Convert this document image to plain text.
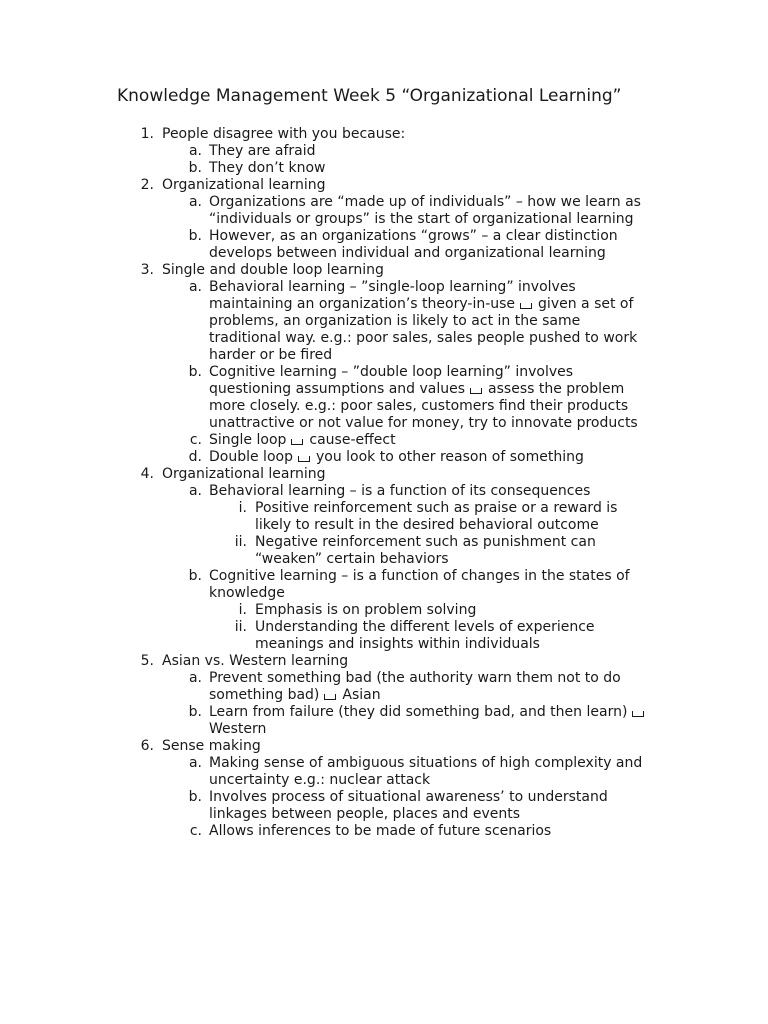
Knowledge Management Week 5 “Organizational Learning”
1. People disagree with you because:
a. They are afraid
b. They don’t know
2. Organizational learning
a. Organizations are “made up of individuals” – how we learn as “individuals or groups” is the start of organizational learning
b. However, as an organizations “grows” – a clear distinction develops between individual and organizational learning
3. Single and double loop learning
a. Behavioral learning – ”single-loop learning” involves maintaining an organization’s theory-in-use given a set of problems, an organization is likely to act in the same traditional way. e.g.: poor sales, sales people pushed to work harder or be fired
b. Cognitive learning – ”double loop learning” involves questioning assumptions and values assess the problem more closely. e.g.: poor sales, customers find their products unattractive or not value for money, try to innovate products
c. Single loop cause-effect
d. Double loop you look to other reason of something
4. Organizational learning
a. Behavioral learning – is a function of its consequences
i. Positive reinforcement such as praise or a reward is likely to result in the desired behavioral outcome
ii. Negative reinforcement such as punishment can “weaken” certain behaviors
b. Cognitive learning – is a function of changes in the states of knowledge
i. Emphasis is on problem solving
ii. Understanding the different levels of experience meanings and insights within individuals
5. Asian vs. Western learning
a. Prevent something bad (the authority warn them not to do something bad) Asian
b. Learn from failure (they did something bad, and then learn)Western
6. Sense making
a. Making sense of ambiguous situations of high complexity and uncertainty e.g.: nuclear attack
b. Involves process of situational awareness’ to understand linkages between people, places and events
c. Allows inferences to be made of future scenarios
